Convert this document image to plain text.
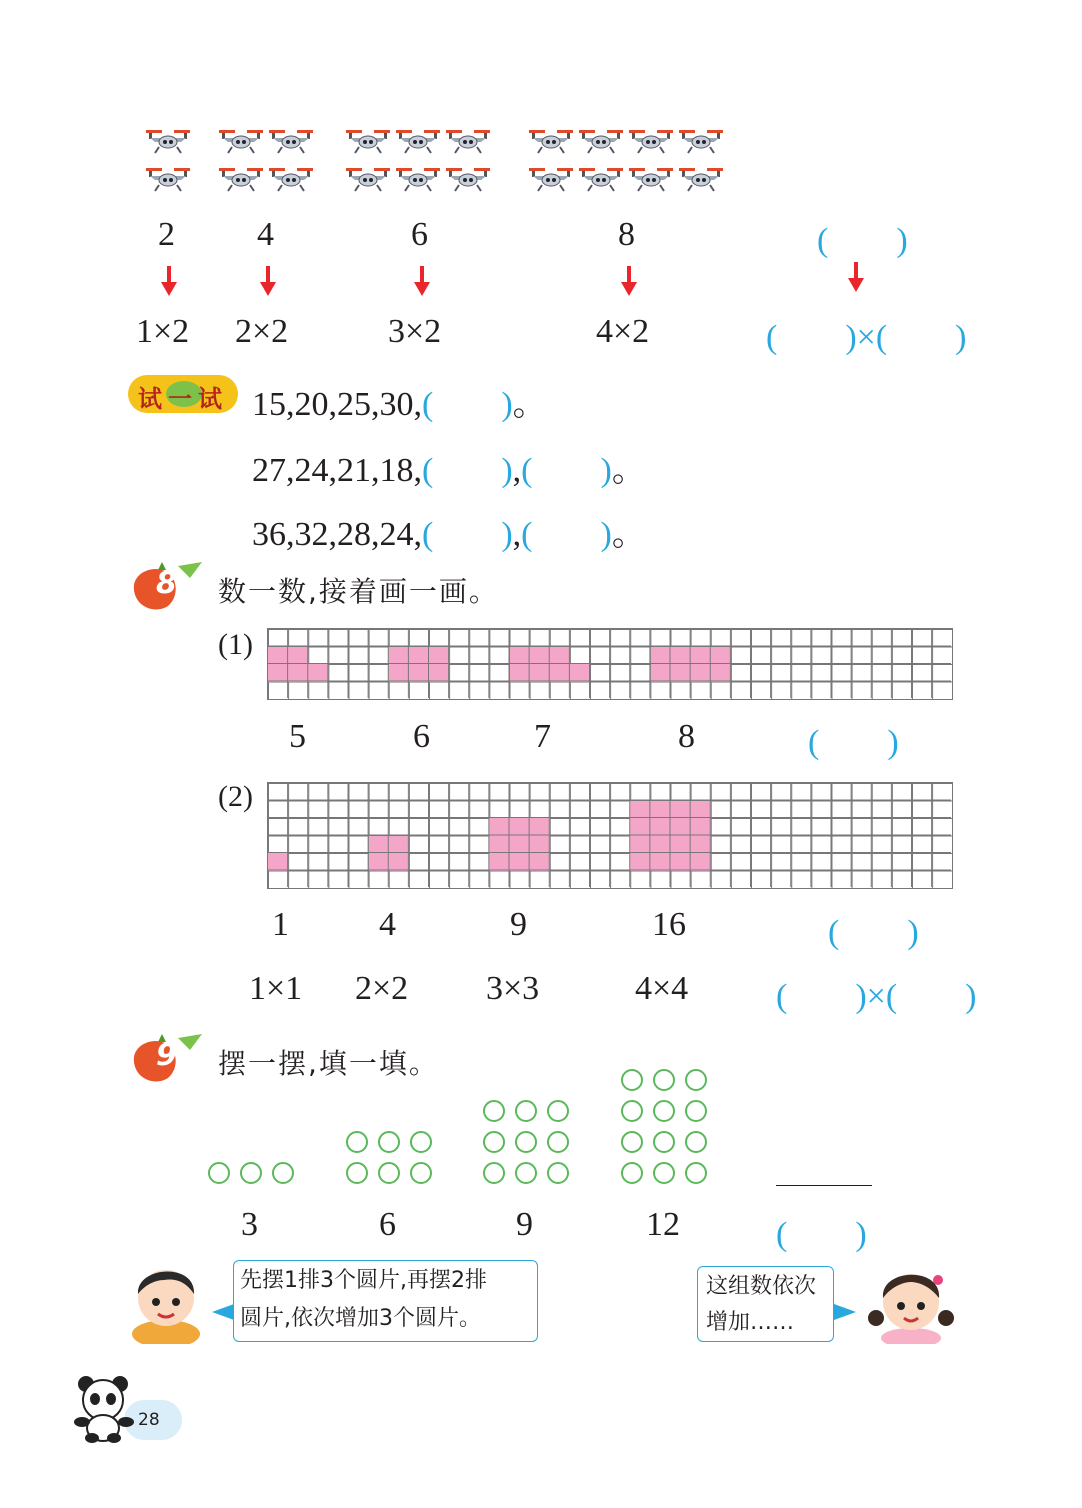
2 4	6	8	(　　)
1×2 2×2	3×2	4×2	(　　)×(　　)
试一试 15,20,25,30,(　　)。
27,24,21,18,(　　),(　　)。
36,32,28,24,(　　),(　　)。
8 数一数,接着画一画。
(1)
5	6	7	8	(　　)
(2)
1	4	9	16	(　　)
1×1 2×2 3×3	4×4	(　　)×(　　)
9 摆一摆,填一填。
3	6	9	12	(　　)
先摆1排3个圆片,再摆2排
圆片,依次增加3个圆片。
这组数依次
增加……
28
